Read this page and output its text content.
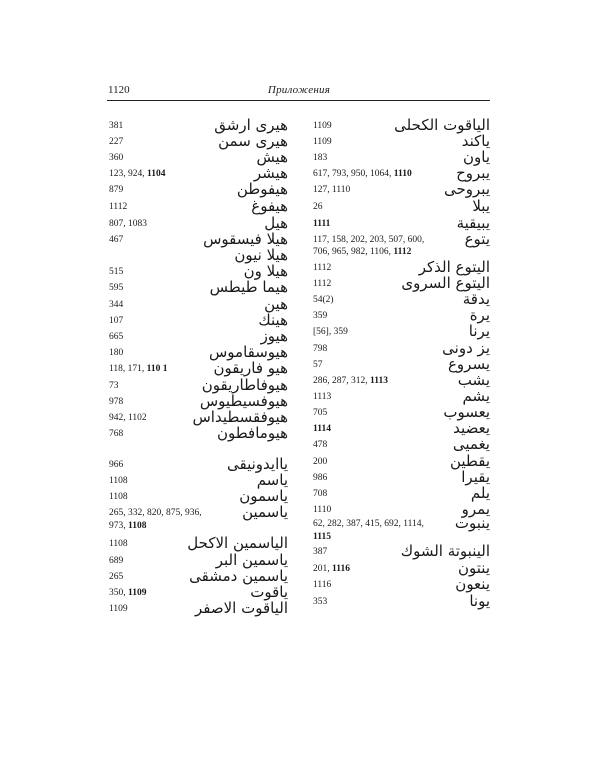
1120	Приложения
381	هيرى ارشق
227	هيرى سمن
360	هيش
123, 924, 1104	هيشر
879	هيفوطن
1112	هيفوغ
807, 1083	هيل
467	هيلا فيسقوس
هيلا نيون
515	هيلا ون
595	هيما طيطس
344	هين
107	هينك
665	هيوز
180	هيوسقاموس
118, 171, 110 1	هيو فاريقون
73	هيوفاطاريقون
978	هيوفسيطيوس
942, 1102	هيوفقسطيداس
768	هيومافطون
966	ياايدونيقى
1108	ياسم
1108	ياسمون
265, 332, 820, 875, 936,	ياسمين
973, 1108
1108	الياسمين الاكحل
689	ياسمين البر
265	ياسمين دمشقى
350, 1109	ياقوت
1109	الياقوت الاصفر
1109	الياقوت الكحلى
1109	ياكند
183	ياون
617, 793, 950, 1064, 1110	يبروح
127, 1110	يبروحى
26	يبلا
1111	يبيقية
117, 158, 202, 203, 507, 600,	يتوع
706, 965, 982, 1106, 1112
1112	اليتوع الذكر
1112	اليتوع السروى
54(2)	يدقة
359	يرة
[56], 359	يرنا
798	يز دونى
57	يسروع
286, 287, 312, 1113	يشب
1113	يشم
705	يعسوب
1114	يعضيد
478	يغميى
200	يقطين
986	يقيرا
708	يلم
1110	يمرو
62, 282, 387, 415, 692, 1114, ينبوت
1115
387	الينبوتة الشوك
201, 1116	ينتون
1116	ينعون
353	يونا
